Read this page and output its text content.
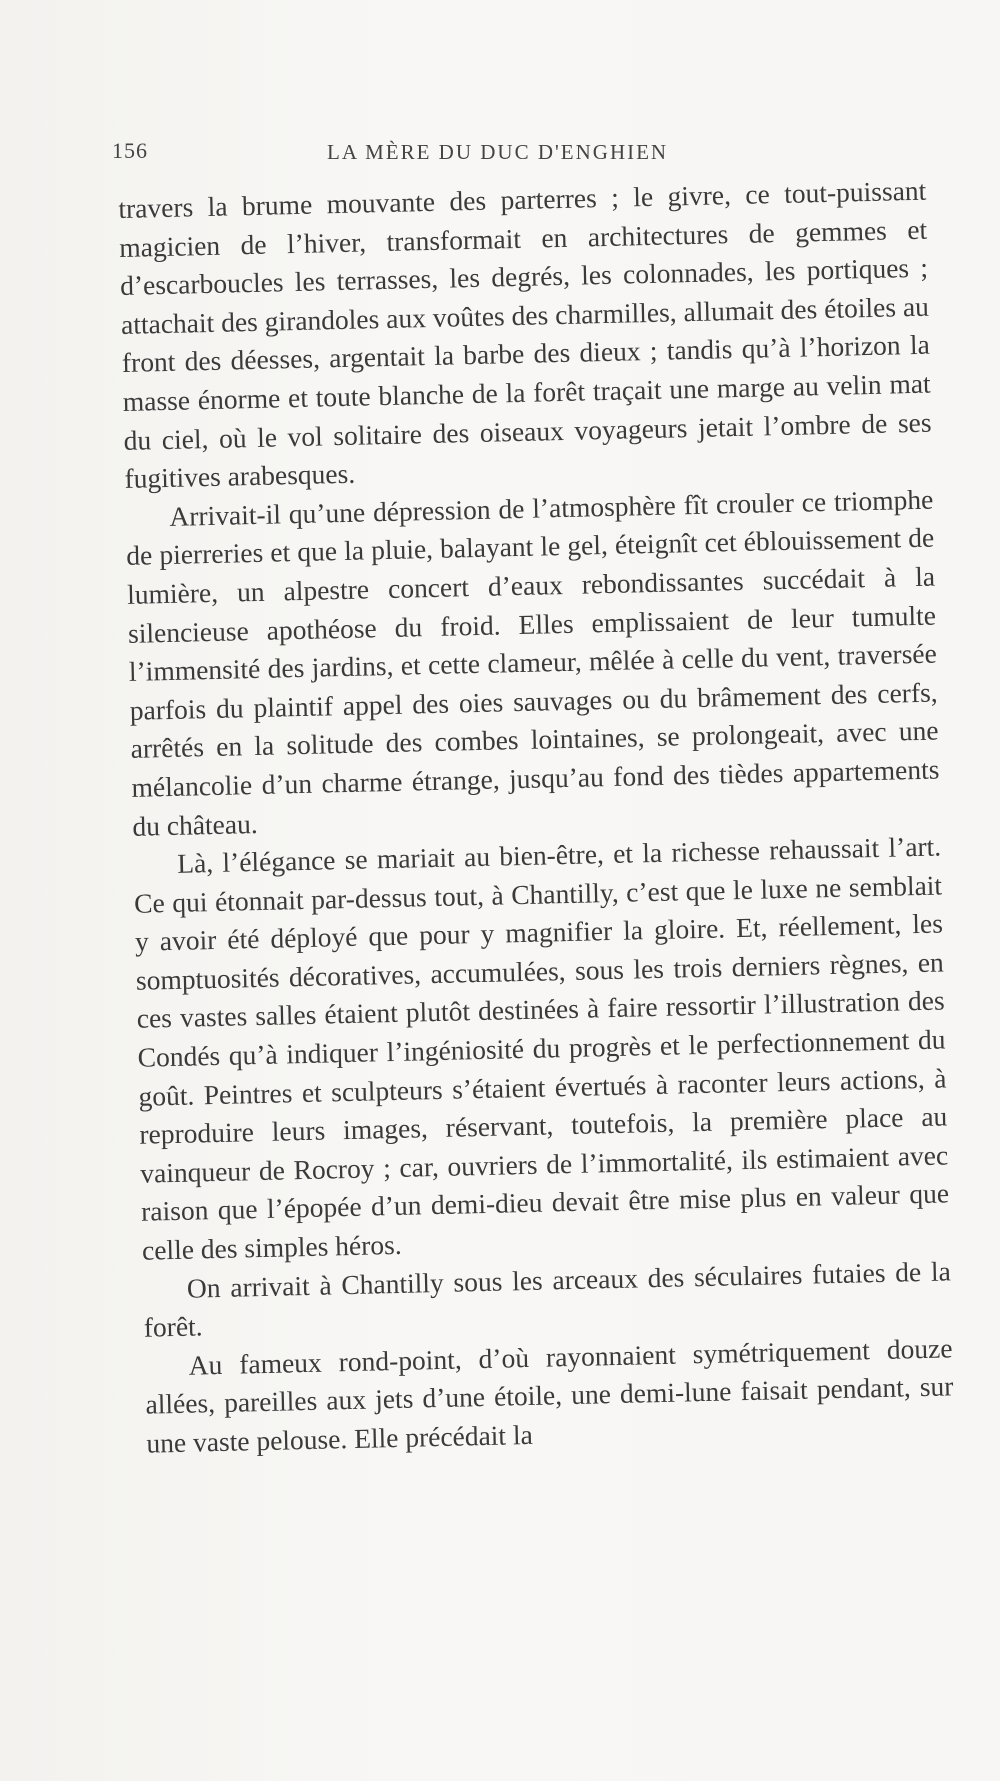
156	LA MÈRE DU DUC D'ENGHIEN

travers la brume mouvante des parterres ; le givre, ce tout-puissant magicien de l’hiver, transformait en architectures de gemmes et d’escarboucles les terrasses, les degrés, les colonnades, les portiques ; attachait des girandoles aux voûtes des charmilles, allumait des étoiles au front des déesses, argentait la barbe des dieux ; tandis qu’à l’horizon la masse énorme et toute blanche de la forêt traçait une marge au velin mat du ciel, où le vol solitaire des oiseaux voyageurs jetait l’ombre de ses fugitives arabesques.

Arrivait-il qu’une dépression de l’atmosphère fît crouler ce triomphe de pierreries et que la pluie, balayant le gel, éteignît cet éblouissement de lumière, un alpestre concert d’eaux rebondissantes succédait à la silencieuse apothéose du froid. Elles emplissaient de leur tumulte l’immensité des jardins, et cette clameur, mêlée à celle du vent, traversée parfois du plaintif appel des oies sauvages ou du brâmement des cerfs, arrêtés en la solitude des combes lointaines, se prolongeait, avec une mélancolie d’un charme étrange, jusqu’au fond des tièdes appartements du château.

Là, l’élégance se mariait au bien-être, et la richesse rehaussait l’art. Ce qui étonnait par-dessus tout, à Chantilly, c’est que le luxe ne semblait y avoir été déployé que pour y magnifier la gloire. Et, réellement, les somptuosités décoratives, accumulées, sous les trois derniers règnes, en ces vastes salles étaient plutôt destinées à faire ressortir l’illustration des Condés qu’à indiquer l’ingéniosité du progrès et le perfectionnement du goût. Peintres et sculpteurs s’étaient évertués à raconter leurs actions, à reproduire leurs images, réservant, toutefois, la première place au vainqueur de Rocroy ; car, ouvriers de l’immortalité, ils estimaient avec raison que l’épopée d’un demi-dieu devait être mise plus en valeur que celle des simples héros.

On arrivait à Chantilly sous les arceaux des séculaires futaies de la forêt.

Au fameux rond-point, d’où rayonnaient symétriquement douze allées, pareilles aux jets d’une étoile, une demi-lune faisait pendant, sur une vaste pelouse. Elle précédait la
